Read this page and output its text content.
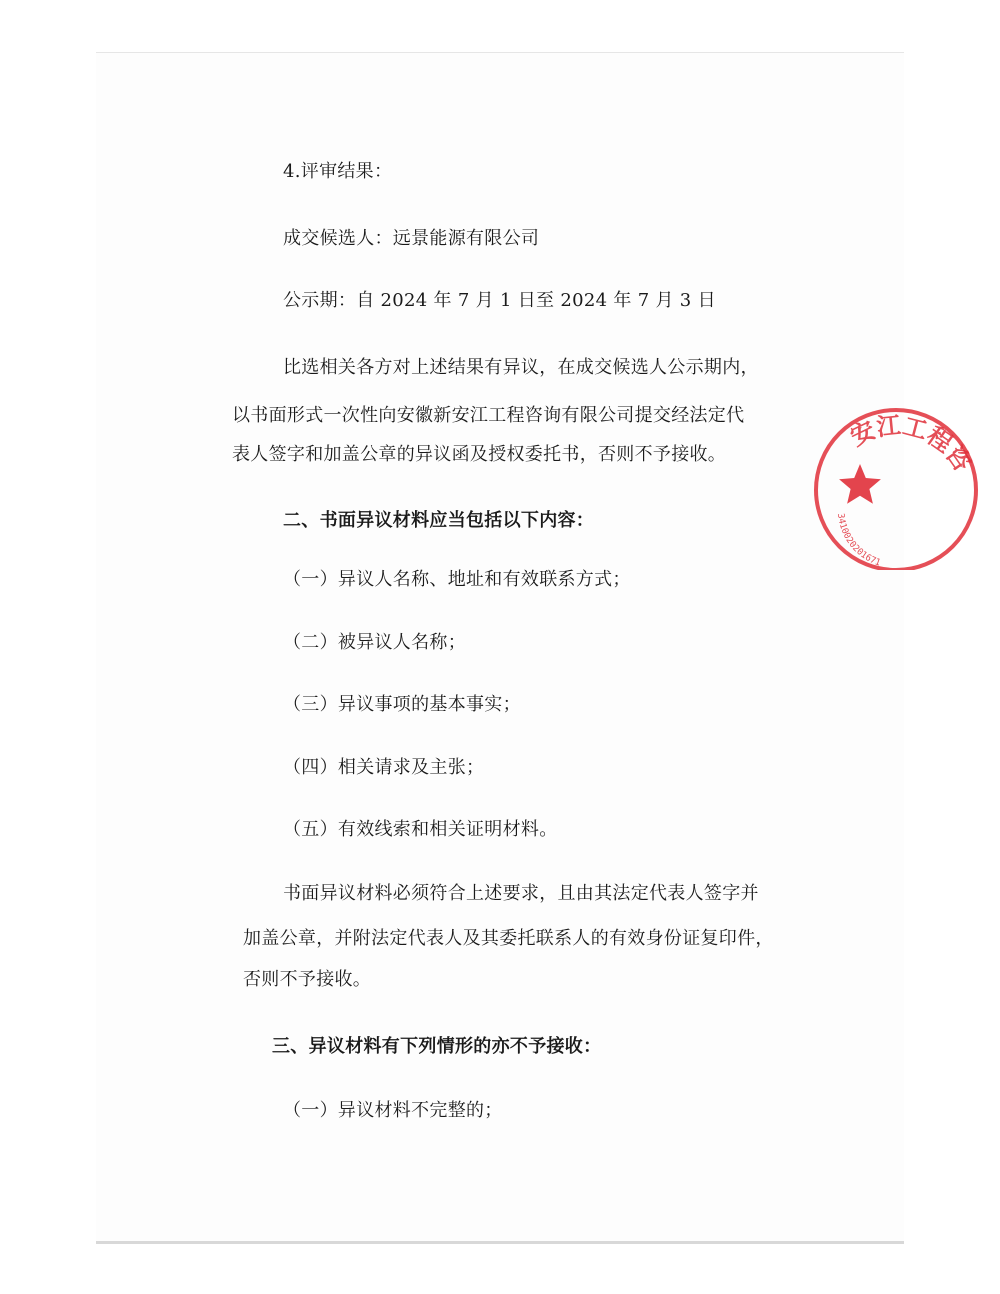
4.评审结果：
成交候选人：远景能源有限公司
公示期：自 2024 年 7 月 1 日至 2024 年 7 月 3 日
比选相关各方对上述结果有异议，在成交候选人公示期内，
以书面形式一次性向安徽新安江工程咨询有限公司提交经法定代
表人签字和加盖公章的异议函及授权委托书，否则不予接收。
二、书面异议材料应当包括以下内容：
（一）异议人名称、地址和有效联系方式；
（二）被异议人名称；
（三）异议事项的基本事实；
（四）相关请求及主张；
（五）有效线索和相关证明材料。
书面异议材料必须符合上述要求，且由其法定代表人签字并
加盖公章，并附法定代表人及其委托联系人的有效身份证复印件，
否则不予接收。
三、异议材料有下列情形的亦不予接收：
（一）异议材料不完整的；
安江工程咨
3410020201671
